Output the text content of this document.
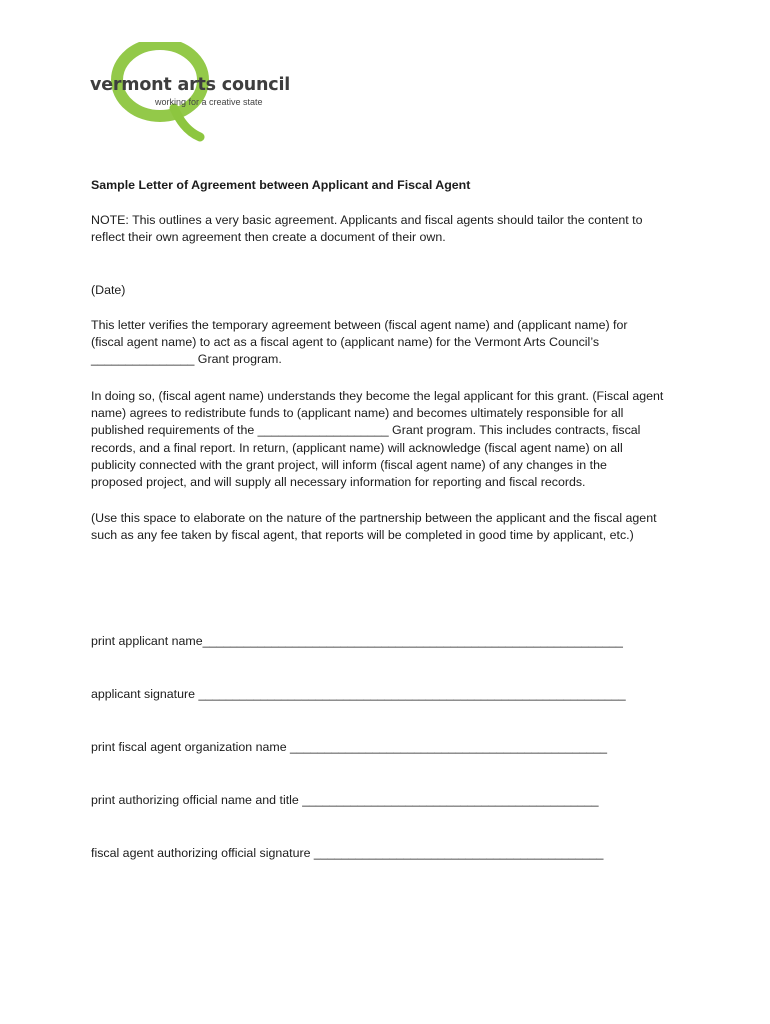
vermont arts council
working for a creative state

Sample Letter of Agreement between Applicant and Fiscal Agent

NOTE: This outlines a very basic agreement. Applicants and fiscal agents should tailor the content to
reflect their own agreement then create a document of their own.

(Date)

This letter verifies the temporary agreement between (fiscal agent name) and (applicant name) for
(fiscal agent name) to act as a fiscal agent to (applicant name) for the Vermont Arts Council’s
_______________ Grant program.

In doing so, (fiscal agent name) understands they become the legal applicant for this grant. (Fiscal agent
name) agrees to redistribute funds to (applicant name) and becomes ultimately responsible for all
published requirements of the ___________________ Grant program. This includes contracts, fiscal
records, and a final report. In return, (applicant name) will acknowledge (fiscal agent name) on all
publicity connected with the grant project, will inform (fiscal agent name) of any changes in the
proposed project, and will supply all necessary information for reporting and fiscal records.

(Use this space to elaborate on the nature of the partnership between the applicant and the fiscal agent
such as any fee taken by fiscal agent, that reports will be completed in good time by applicant, etc.)

print applicant name_____________________________________________________________
applicant signature ______________________________________________________________
print fiscal agent organization name ______________________________________________
print authorizing official name and title ___________________________________________
fiscal agent authorizing official signature __________________________________________
